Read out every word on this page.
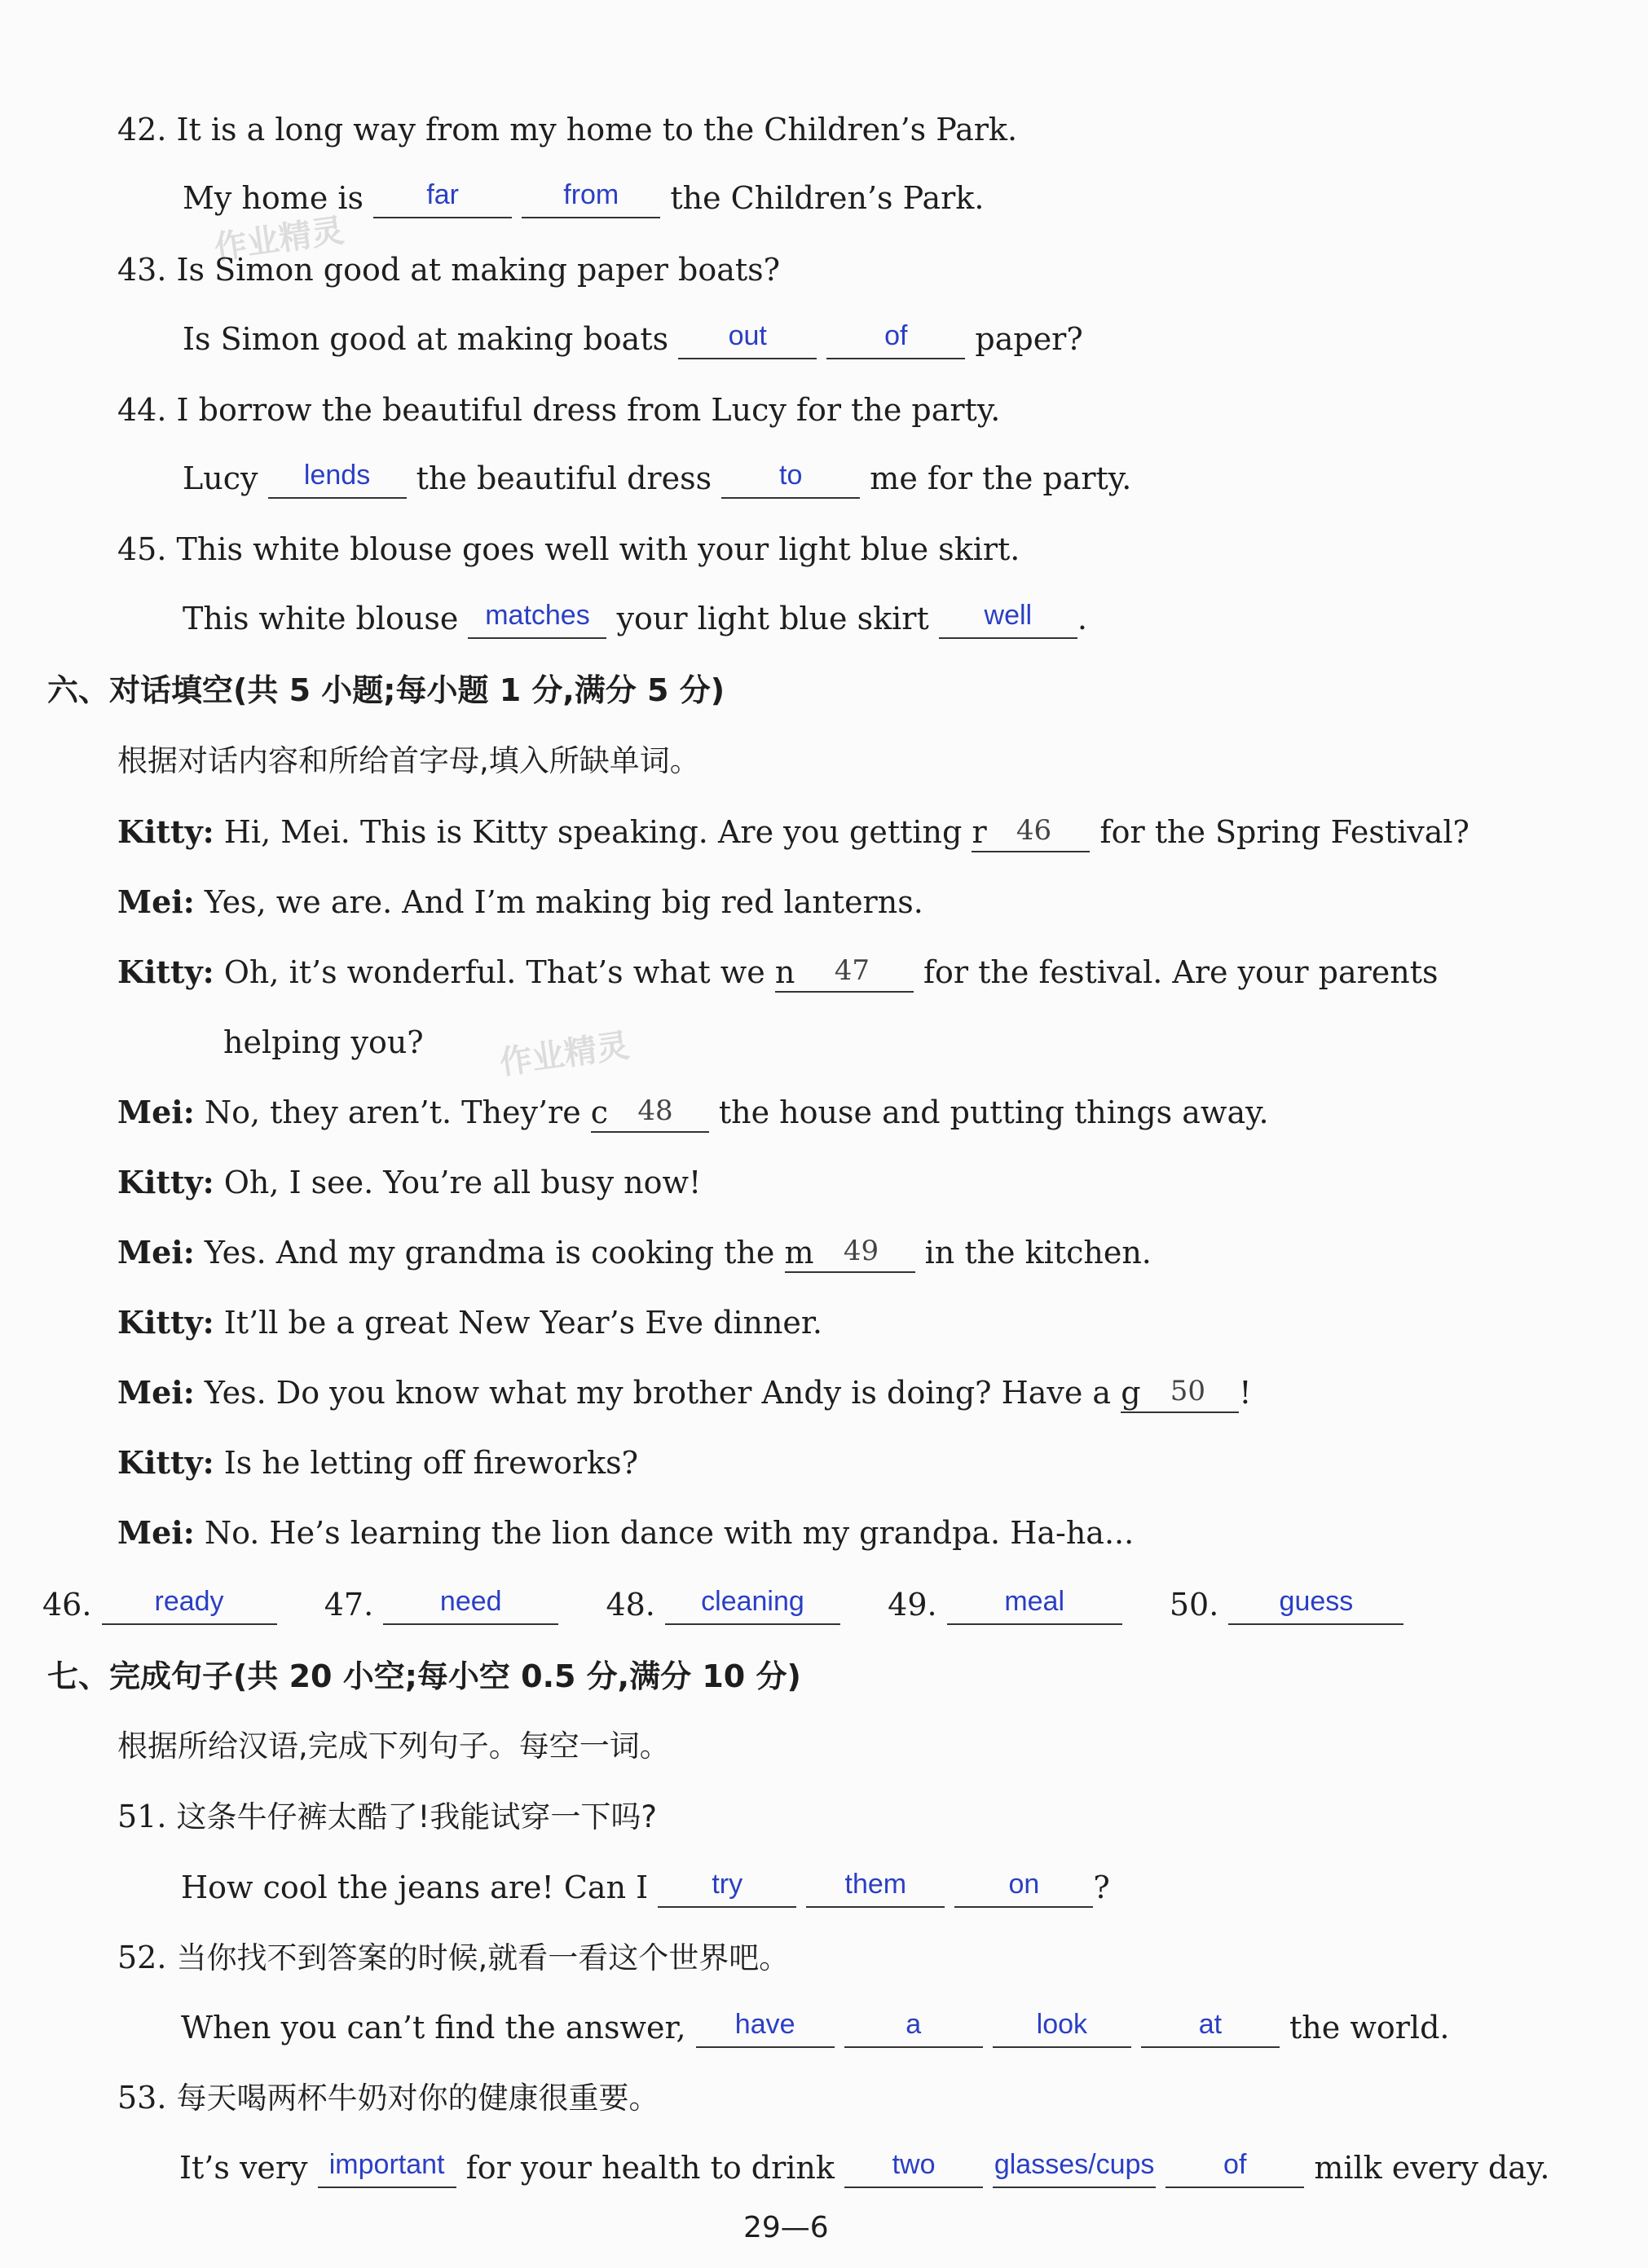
作业精灵
作业精灵
42. It is a long way from my home to the Children’s Park.
My home is far	from the Children’s Park.
43. Is Simon good at making paper boats?
Is Simon good at making boats out	of paper?
44. I borrow the beautiful dress from Lucy for the party.
Lucy lends the beautiful dress to me for the party.
45. This white blouse goes well with your light blue skirt.
This white blouse matches your light blue skirt well .
六、对话填空(共 5 小题;每小题 1 分,满分 5 分)
根据对话内容和所给首字母,填入所缺单词。
Kitty: Hi, Mei. This is Kitty speaking. Are you getting r 46 for the Spring Festival?
Mei: Yes, we are. And I’m making big red lanterns.
Kitty: Oh, it’s wonderful. That’s what we n 47 for the festival. Are your parents
helping you?
Mei: No, they aren’t. They’re c 48 the house and putting things away.
Kitty: Oh, I see. You’re all busy now!
Mei: Yes. And my grandma is cooking the m 49 in the kitchen.
Kitty: It’ll be a great New Year’s Eve dinner.
Mei: Yes. Do you know what my brother Andy is doing? Have a g 50 !
Kitty: Is he letting off fireworks?
Mei: No. He’s learning the lion dance with my grandpa. Ha-ha...
46. ready	47. need	48. cleaning	49. meal	50. guess
七、完成句子(共 20 小空;每小空 0.5 分,满分 10 分)
根据所给汉语,完成下列句子。每空一词。
51. 这条牛仔裤太酷了!我能试穿一下吗?
How cool the jeans are! Can I try	them	on ?
52. 当你找不到答案的时候,就看一看这个世界吧。
When you can’t find the answer, have	a	look	at the world.
53. 每天喝两杯牛奶对你的健康很重要。
It’s very important for your health to drink two glasses/cups of milk every day.
29—6
